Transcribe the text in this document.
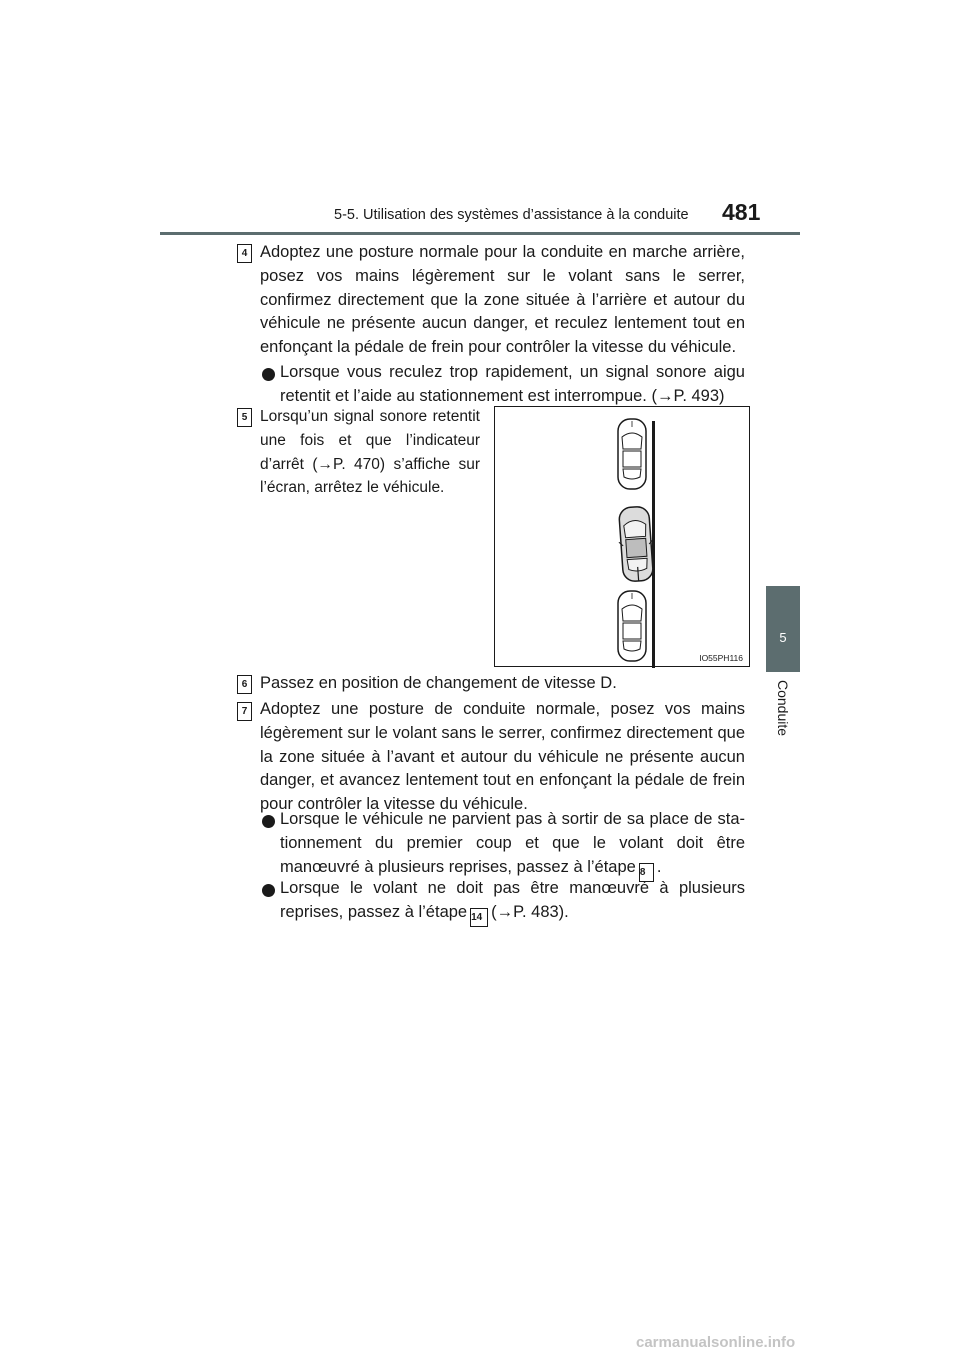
5-5. Utilisation des systèmes d’assistance à la conduite 481
5
Conduite
4 Adoptez une posture normale pour la conduite en marche arrière, posez vos mains légèrement sur le volant sans le serrer, confirmez directement que la zone située à l’arrière et autour du véhicule ne présente aucun danger, et reculez lentement tout en enfonçant la pédale de frein pour contrôler la vitesse du véhicule.
Lorsque vous reculez trop rapidement, un signal sonore aigu retentit et l’aide au stationnement est interrompue. (→P. 493)
5 Lorsqu’un signal sonore retentit une fois et que l’indicateur d’arrêt (→P. 470) s’affiche sur l’écran, arrêtez le véhicule.
IO55PH116
6 Passez en position de changement de vitesse D.
7 Adoptez une posture de conduite normale, posez vos mains légèrement sur le volant sans le serrer, confirmez directement que la zone située à l’avant et autour du véhicule ne présente aucun danger, et avancez lentement tout en enfonçant la pédale de frein pour contrôler la vitesse du véhicule.
Lorsque le véhicule ne parvient pas à sortir de sa place de sta-tionnement du premier coup et que le volant doit être manœuvré à plusieurs reprises, passez à l’étape 8 .
Lorsque le volant ne doit pas être manœuvré à plusieurs reprises, passez à l’étape 14 (→P. 483).
carmanualsonline.info
